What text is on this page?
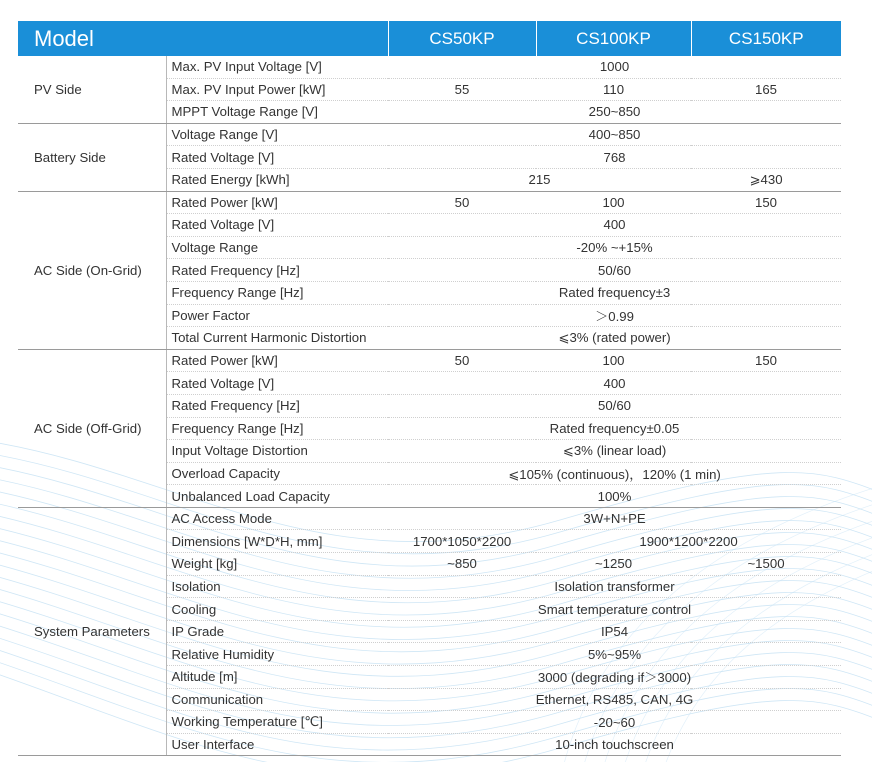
Model		CS50KP	CS100KP	CS150KP
PV Side	Max. PV Input Voltage [V]	1000		
	Max. PV Input Power [kW]	55	110	165
	MPPT Voltage Range [V]	250~850		
Battery Side	Voltage Range [V]	400~850		
	Rated Voltage [V]	768		
	Rated Energy [kWh]	215		⩾430
AC Side (On-Grid)	Rated Power [kW]	50	100	150
	Rated Voltage [V]	400		
	Voltage Range	-20% ~+15%		
	Rated Frequency [Hz]	50/60		
	Frequency Range [Hz]	Rated frequency±3		
	Power Factor	＞0.99		
	Total Current Harmonic Distortion	⩽3% (rated power)		
AC Side (Off-Grid)	Rated Power [kW]	50	100	150
	Rated Voltage [V]	400		
	Rated Frequency [Hz]	50/60		
	Frequency Range [Hz]	Rated frequency±0.05		
	Input Voltage Distortion	⩽3% (linear load)		
	Overload Capacity	⩽105% (continuous)，120% (1 min)		
	Unbalanced Load Capacity	100%		
System Parameters	AC Access Mode	3W+N+PE		
	Dimensions [W*D*H, mm]	1700*1050*2200	1900*1200*2200	
	Weight [kg]	~850	~1250	~1500
	Isolation	Isolation transformer		
	Cooling	Smart temperature control		
	IP Grade	IP54		
	Relative Humidity	5%~95%		
	Altitude [m]	3000 (degrading if＞3000)		
	Communication	Ethernet, RS485, CAN, 4G		
	Working Temperature [℃]	-20~60		
	User Interface	10-inch touchscreen		
